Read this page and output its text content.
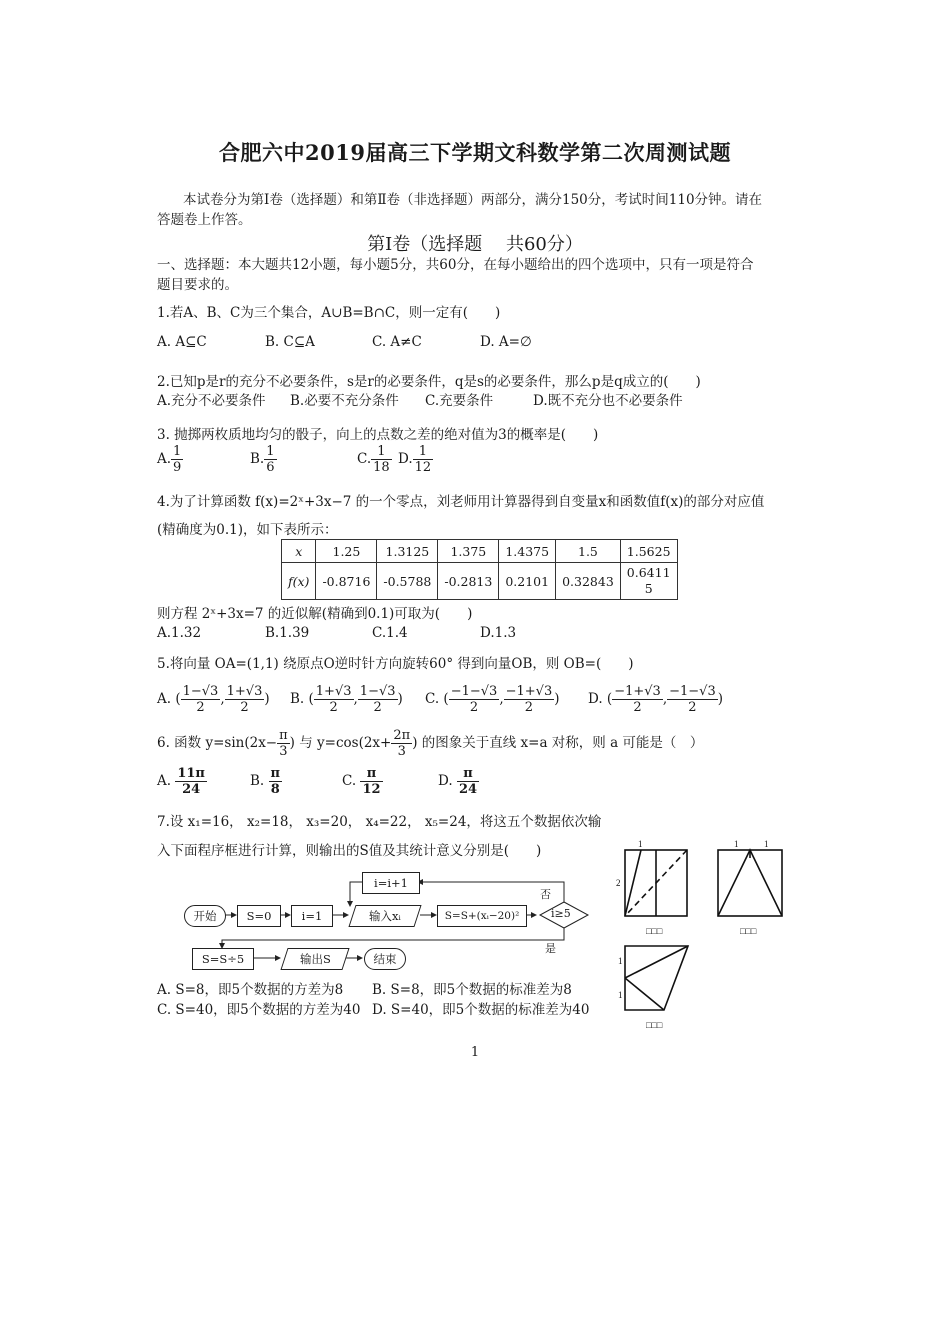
合肥六中2019届高三下学期文科数学第二次周测试题
本试卷分为第Ⅰ卷（选择题）和第Ⅱ卷（非选择题）两部分，满分150分，考试时间110分钟。请在
答题卷上作答。
第Ⅰ卷（选择题　 共60分）
一、选择题：本大题共12小题，每小题5分，共60分，在每小题给出的四个选项中，只有一项是符合
题目要求的。
1.若A、B、C为三个集合，A∪B=B∩C，则一定有(　　)
A. A⊆C	B. C⊆A	C. A≠C	D. A=∅
2.已知p是r的充分不必要条件，s是r的必要条件，q是s的必要条件，那么p是q成立的(　　)
A.充分不必要条件 B.必要不充分条件 C.充要条件	D.既不充分也不必要条件
3. 抛掷两枚质地均匀的骰子，向上的点数之差的绝对值为3的概率是(　　)
A. $\frac{1}{9}$	B. $\frac{1}{6}$	C. $\frac{1}{18} D$. $\frac{1}{12}$
4.为了计算函数 f(x)=2ˣ+3x−7 的一个零点，刘老师用计算器得到自变量x和函数值f(x)的部分对应值
(精确度为0.1)，如下表所示：
x	1.25	1.3125	1.375	1.4375	1.5	1.5625
f(x)	-0.8716	-0.5788	-0.2813	0.2101	0.32843	0.6411 5
则方程 2ˣ+3x=7 的近似解(精确到0.1)可取为(　　)
A.1.32	B.1.39	C.1.4	D.1.3
5.将向量 OA=(1,1) 绕原点O逆时针方向旋转60° 得到向量OB，则 OB=(　　)
A. ( $\frac{1-√3}{2}$ , $\frac{1+√3}{2}$ ) B. ( $\frac{1+√3}{2}$ , $\frac{1-√3}{2}$ ) C. ( $\frac{-1-√3}{2}$ , $\frac{-1+√3}{2}$ ) D. ( $\frac{-1+√3}{2}$ , $\frac{-1-√3}{2}$ )
6. 函数 $y=\sin(2x- \frac{\pi}{3}$ ) 与 $y=\cos(2x+ \frac{2\pi}{3}$ ) 的图象关于直线 x=a 对称，则 a 可能是（　）
A. $\frac{11\pi}{24}$	B. $\frac{\pi}{8}$	C. $\frac{\pi}{12}$	D. $\frac{\pi}{24}$
7.设 x₁=16， x₂=18， x₃=20， x₄=22， x₅=24，将这五个数据依次输
入下面程序框进行计算，则输出的S值及其统计意义分别是(　　)
开始	S=0	i=1	输入xᵢ	S=S+(xᵢ−20)²	i≥5
i=i+1
否
是
S=S÷5	输出S	结束
A. S=8，即5个数据的方差为8 B. S=8，即5个数据的标准差为8
C. S=40，即5个数据的方差为40 D. S=40，即5个数据的标准差为40
1
2
1	1
1
1
□□□	□□□
□□□
1
